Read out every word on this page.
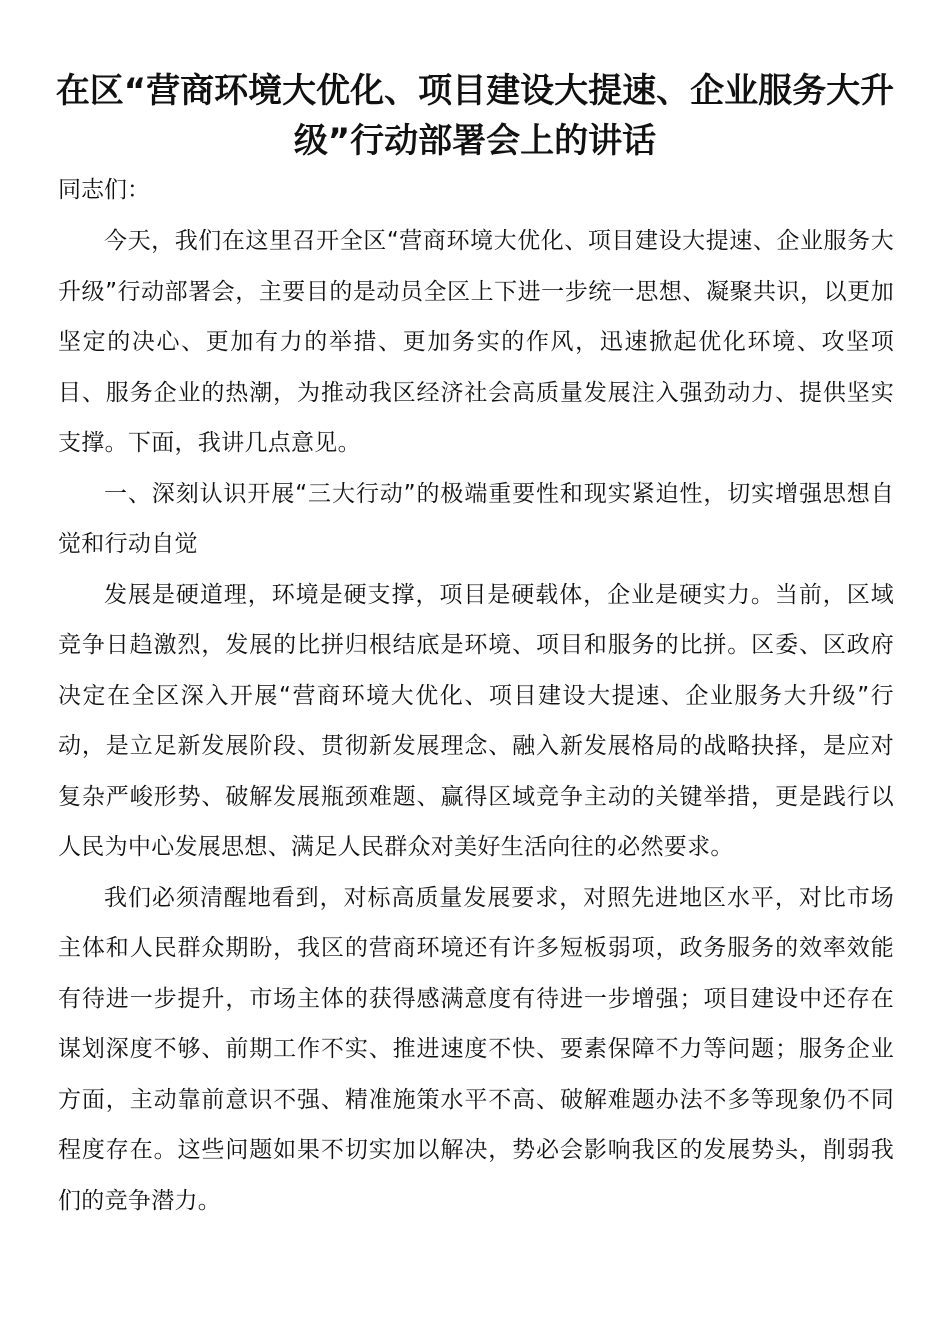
在区“营商环境大优化、项目建设大提速、企业服务大升级”行动部署会上的讲话

同志们：

今天，我们在这里召开全区“营商环境大优化、项目建设大提速、企业服务大升级”行动部署会，主要目的是动员全区上下进一步统一思想、凝聚共识，以更加坚定的决心、更加有力的举措、更加务实的作风，迅速掀起优化环境、攻坚项目、服务企业的热潮，为推动我区经济社会高质量发展注入强劲动力、提供坚实支撑。下面，我讲几点意见。

一、深刻认识开展“三大行动”的极端重要性和现实紧迫性，切实增强思想自觉和行动自觉

发展是硬道理，环境是硬支撑，项目是硬载体，企业是硬实力。当前，区域竞争日趋激烈，发展的比拼归根结底是环境、项目和服务的比拼。区委、区政府决定在全区深入开展“营商环境大优化、项目建设大提速、企业服务大升级”行动，是立足新发展阶段、贯彻新发展理念、融入新发展格局的战略抉择，是应对复杂严峻形势、破解发展瓶颈难题、赢得区域竞争主动的关键举措，更是践行以人民为中心发展思想、满足人民群众对美好生活向往的必然要求。

我们必须清醒地看到，对标高质量发展要求，对照先进地区水平，对比市场主体和人民群众期盼，我区的营商环境还有许多短板弱项，政务服务的效率效能有待进一步提升，市场主体的获得感满意度有待进一步增强；项目建设中还存在谋划深度不够、前期工作不实、推进速度不快、要素保障不力等问题；服务企业方面，主动靠前意识不强、精准施策水平不高、破解难题办法不多等现象仍不同程度存在。这些问题如果不切实加以解决，势必会影响我区的发展势头，削弱我们的竞争潜力。
